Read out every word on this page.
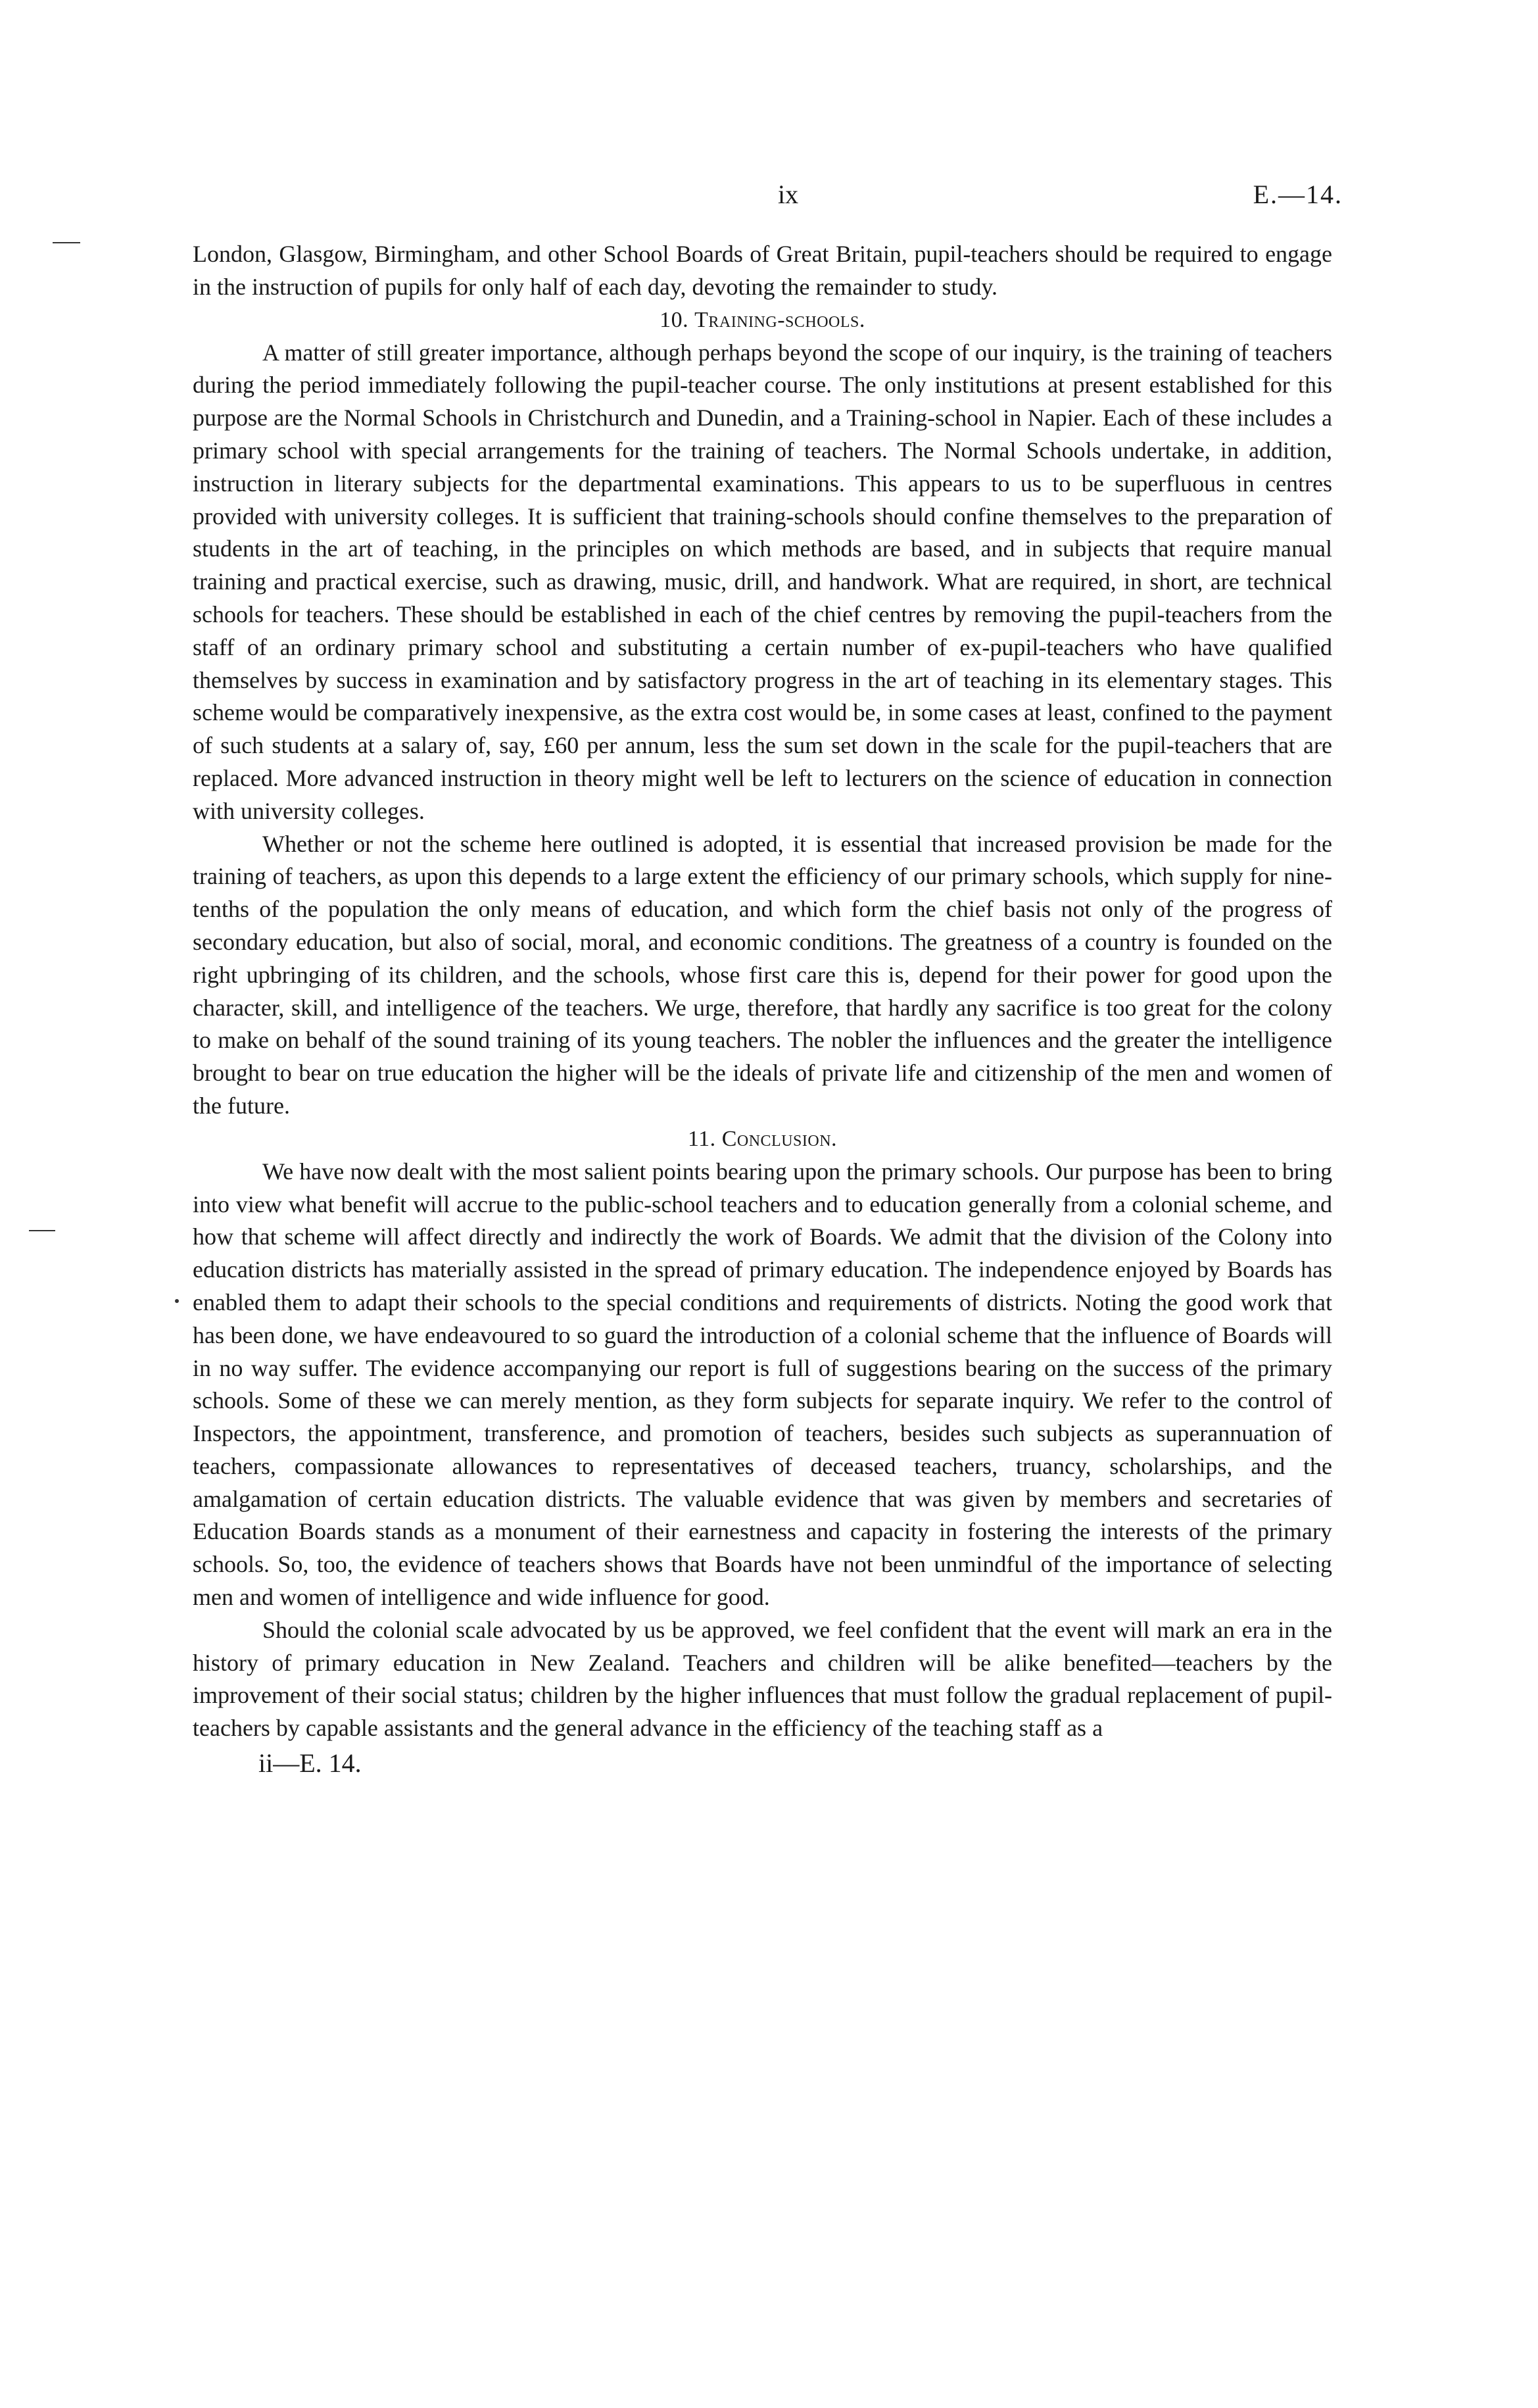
ix	E.—14.

London, Glasgow, Birmingham, and other School Boards of Great Britain, pupil-teachers should be required to engage in the instruction of pupils for only half of each day, devoting the remainder to study.

10. Training-schools.

A matter of still greater importance, although perhaps beyond the scope of our inquiry, is the training of teachers during the period immediately following the pupil-teacher course. The only institutions at present established for this purpose are the Normal Schools in Christchurch and Dunedin, and a Training-school in Napier. Each of these includes a primary school with special arrangements for the training of teachers. The Normal Schools undertake, in addition, instruction in literary subjects for the departmental examinations. This appears to us to be superfluous in centres provided with university colleges. It is sufficient that training-schools should confine themselves to the preparation of students in the art of teaching, in the principles on which methods are based, and in subjects that require manual training and practical exercise, such as drawing, music, drill, and handwork. What are required, in short, are technical schools for teachers. These should be established in each of the chief centres by removing the pupil-teachers from the staff of an ordinary primary school and substituting a certain number of ex-pupil-teachers who have qualified themselves by success in examination and by satisfactory progress in the art of teaching in its elementary stages. This scheme would be comparatively inexpensive, as the extra cost would be, in some cases at least, confined to the payment of such students at a salary of, say, £60 per annum, less the sum set down in the scale for the pupil-teachers that are replaced. More advanced instruction in theory might well be left to lecturers on the science of education in connection with university colleges.

Whether or not the scheme here outlined is adopted, it is essential that increased provision be made for the training of teachers, as upon this depends to a large extent the efficiency of our primary schools, which supply for nine-tenths of the population the only means of education, and which form the chief basis not only of the progress of secondary education, but also of social, moral, and economic conditions. The greatness of a country is founded on the right upbringing of its children, and the schools, whose first care this is, depend for their power for good upon the character, skill, and intelligence of the teachers. We urge, therefore, that hardly any sacrifice is too great for the colony to make on behalf of the sound training of its young teachers. The nobler the influences and the greater the intelligence brought to bear on true education the higher will be the ideals of private life and citizenship of the men and women of the future.

11. Conclusion.

We have now dealt with the most salient points bearing upon the primary schools. Our purpose has been to bring into view what benefit will accrue to the public-school teachers and to education generally from a colonial scheme, and how that scheme will affect directly and indirectly the work of Boards. We admit that the division of the Colony into education districts has materially assisted in the spread of primary education. The independence enjoyed by Boards has enabled them to adapt their schools to the special conditions and requirements of districts. Noting the good work that has been done, we have endeavoured to so guard the introduction of a colonial scheme that the influence of Boards will in no way suffer. The evidence accompanying our report is full of suggestions bearing on the success of the primary schools. Some of these we can merely mention, as they form subjects for separate inquiry. We refer to the control of Inspectors, the appointment, transference, and promotion of teachers, besides such subjects as superannuation of teachers, compassionate allowances to representatives of deceased teachers, truancy, scholarships, and the amalgamation of certain education districts. The valuable evidence that was given by members and secretaries of Education Boards stands as a monument of their earnestness and capacity in fostering the interests of the primary schools. So, too, the evidence of teachers shows that Boards have not been unmindful of the importance of selecting men and women of intelligence and wide influence for good.

Should the colonial scale advocated by us be approved, we feel confident that the event will mark an era in the history of primary education in New Zealand. Teachers and children will be alike benefited—teachers by the improvement of their social status; children by the higher influences that must follow the gradual replacement of pupil-teachers by capable assistants and the general advance in the efficiency of the teaching staff as a

ii—E. 14.
